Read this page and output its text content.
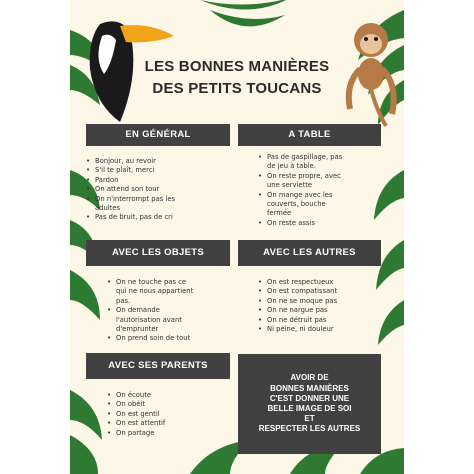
LES BONNES MANIÈRES
DES PETITS TOUCANS
EN GÉNÉRAL
• Bonjour, au revoir
• S'il te plaît, merci
• Pardon
• On attend son tour
• On n'interrompt pas les
adultes
• Pas de bruit, pas de cri
A TABLE
• Pas de gaspillage, pas
de jeu à table.
• On reste propre, avec
une serviette
• On mange avec les
couverts, bouche
fermée
• On reste assis
AVEC LES OBJETS
• On ne touche pas ce
qui ne nous appartient
pas.
• On demande
l'autorisation avant
d'emprunter
• On prend soin de tout
AVEC LES AUTRES
• On est respectueux
• On est compatissant
• On ne se moque pas
• On ne nargue pas
• On ne détruit pas
• Ni peine, ni douleur
AVEC SES PARENTS
• On écoute
• On obéit
• On est gentil
• On est attentif
• On partage
AVOIR DE
BONNES MANIÈRES
C'EST DONNER UNE
BELLE IMAGE DE SOI
ET
RESPECTER LES AUTRES
